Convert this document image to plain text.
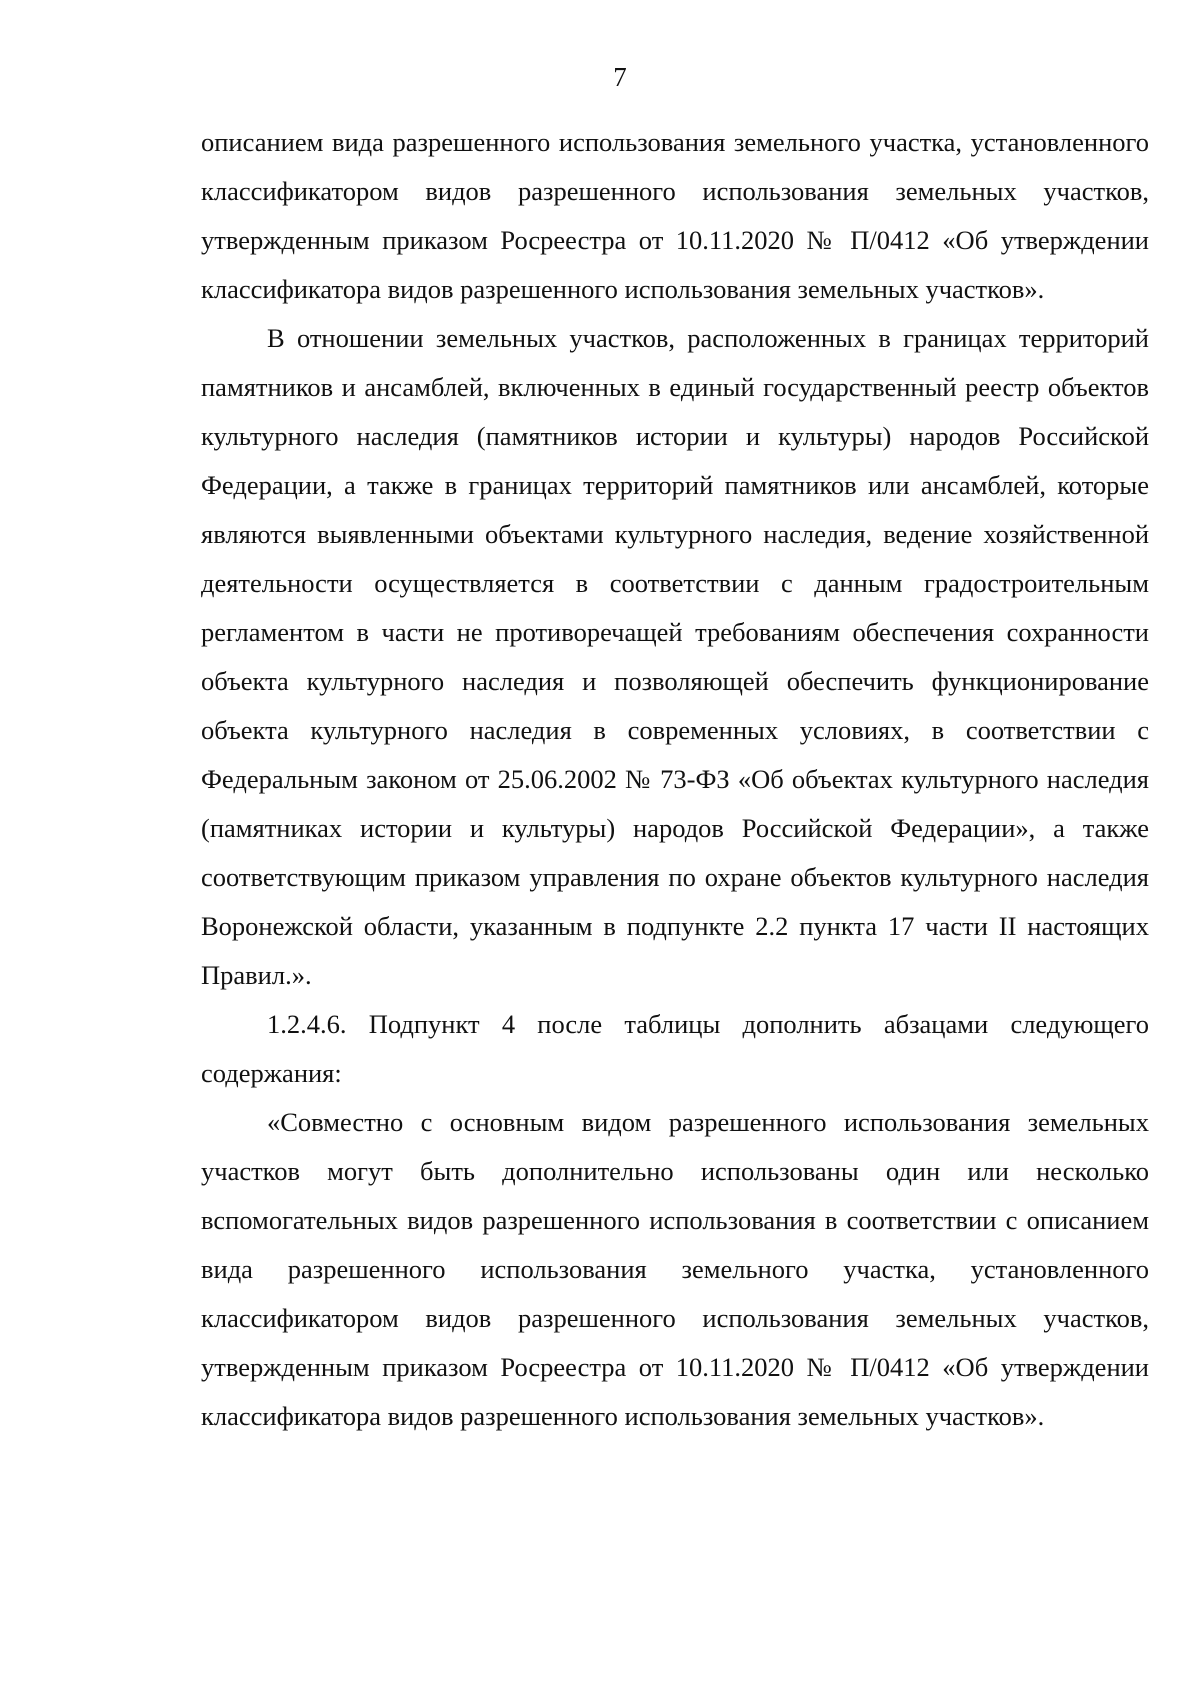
7

описанием вида разрешенного использования земельного участка, установленного классификатором видов разрешенного использования земельных участков, утвержденным приказом Росреестра от 10.11.2020 № П/0412 «Об утверждении классификатора видов разрешенного использования земельных участков».

В отношении земельных участков, расположенных в границах территорий памятников и ансамблей, включенных в единый государственный реестр объектов культурного наследия (памятников истории и культуры) народов Российской Федерации, а также в границах территорий памятников или ансамблей, которые являются выявленными объектами культурного наследия, ведение хозяйственной деятельности осуществляется в соответствии с данным градостроительным регламентом в части не противоречащей требованиям обеспечения сохранности объекта культурного наследия и позволяющей обеспечить функционирование объекта культурного наследия в современных условиях, в соответствии с Федеральным законом от 25.06.2002 № 73-ФЗ «Об объектах культурного наследия (памятниках истории и культуры) народов Российской Федерации», а также соответствующим приказом управления по охране объектов культурного наследия Воронежской области, указанным в подпункте 2.2 пункта 17 части II настоящих Правил.».

1.2.4.6. Подпункт 4 после таблицы дополнить абзацами следующего содержания:

«Совместно с основным видом разрешенного использования земельных участков могут быть дополнительно использованы один или несколько вспомогательных видов разрешенного использования в соответствии с описанием вида разрешенного использования земельного участка, установленного классификатором видов разрешенного использования земельных участков, утвержденным приказом Росреестра от 10.11.2020 № П/0412 «Об утверждении классификатора видов разрешенного использования земельных участков».
